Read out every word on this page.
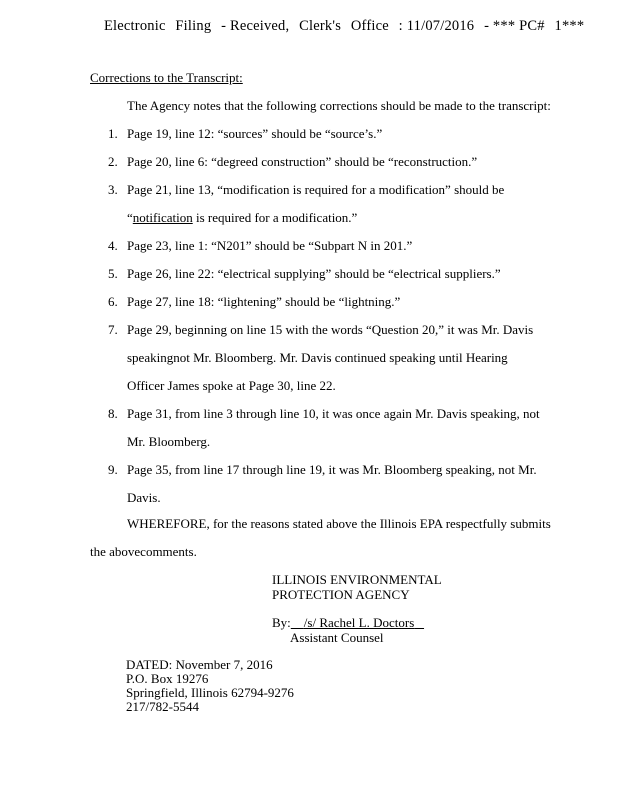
Electronic Filing - Received, Clerk's Office : 11/07/2016 - *** PC# 1***
Corrections to the Transcript:
The Agency notes that the following corrections should be made to the transcript:
1. Page 19, line 12: “sources” should be “source’s.”
2. Page 20, line 6: “degreed construction” should be “reconstruction.”
3. Page 21, line 13, “modification is required for a modification” should be
“notification is required for a modification.”
4. Page 23, line 1: “N201” should be “Subpart N in 201.”
5. Page 26, line 22: “electrical supplying” should be “electrical suppliers.”
6. Page 27, line 18: “lightening” should be “lightning.”
7. Page 29, beginning on line 15 with the words “Question 20,” it was Mr. Davis
speakingnot Mr. Bloomberg. Mr. Davis continued speaking until Hearing
Officer James spoke at Page 30, line 22.
8. Page 31, from line 3 through line 10, it was once again Mr. Davis speaking, not
Mr. Bloomberg.
9. Page 35, from line 17 through line 19, it was Mr. Bloomberg speaking, not Mr.
Davis.
WHEREFORE, for the reasons stated above the Illinois EPA respectfully submits
the abovecomments.
ILLINOIS ENVIRONMENTAL
PROTECTION AGENCY
By: /s/ Rachel L. Doctors
Assistant Counsel
DATED: November 7, 2016
P.O. Box 19276
Springfield, Illinois 62794-9276
217/782-5544
